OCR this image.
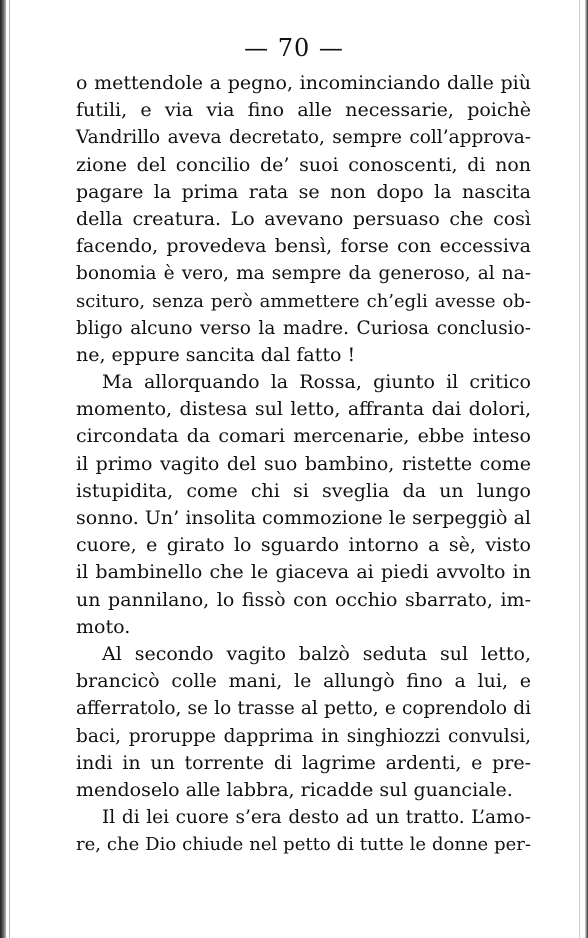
— 70 —
o mettendole a pegno, incominciando dalle più
futili, e via via fino alle necessarie, poichè
Vandrillo aveva decretato, sempre coll’approva-
zione del concilio de’ suoi conoscenti, di non
pagare la prima rata se non dopo la nascita
della creatura. Lo avevano persuaso che così
facendo, provedeva bensì, forse con eccessiva
bonomia è vero, ma sempre da generoso, al na-
scituro, senza però ammettere ch’egli avesse ob-
bligo alcuno verso la madre. Curiosa conclusio-
ne, eppure sancita dal fatto !
Ma allorquando la Rossa, giunto il critico
momento, distesa sul letto, affranta dai dolori,
circondata da comari mercenarie, ebbe inteso
il primo vagito del suo bambino, ristette come
istupidita, come chi si sveglia da un lungo
sonno. Un’ insolita commozione le serpeggiò al
cuore, e girato lo sguardo intorno a sè, visto
il bambinello che le giaceva ai piedi avvolto in
un pannilano, lo fissò con occhio sbarrato, im-
moto.
Al secondo vagito balzò seduta sul letto,
brancicò colle mani, le allungò fino a lui, e
afferratolo, se lo trasse al petto, e coprendolo di
baci, proruppe dapprima in singhiozzi convulsi,
indi in un torrente di lagrime ardenti, e pre-
mendoselo alle labbra, ricadde sul guanciale.
Il di lei cuore s’era desto ad un tratto. L’amo-
re, che Dio chiude nel petto di tutte le donne per-
